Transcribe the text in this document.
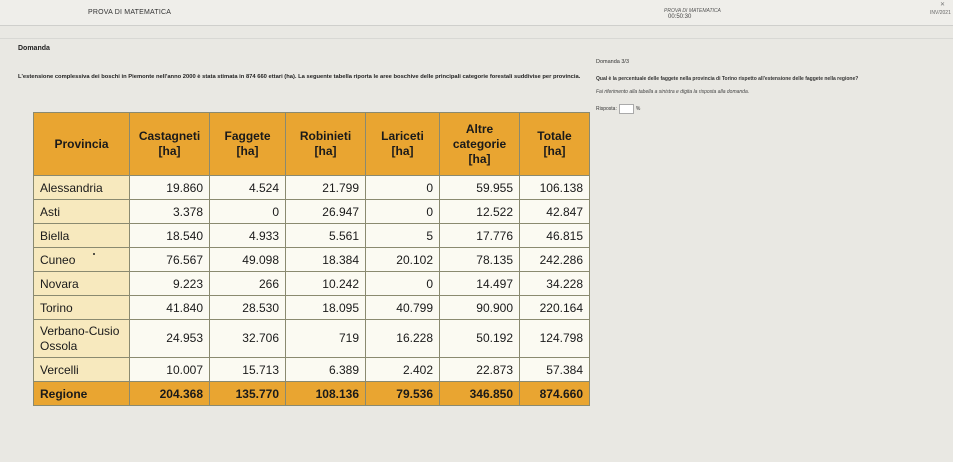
PROVA DI MATEMATICA	PROVA DI MATEMATICA
00:50:30
INV/2021
✕
Domanda
L'estensione complessiva dei boschi in Piemonte nell'anno 2000 è stata stimata in 874 660 ettari (ha). La seguente tabella riporta le aree boschive delle principali categorie forestali suddivise per provincia.
Provincia	Castagneti [ha]	Faggete [ha]	Robinieti [ha]	Lariceti [ha]	Altre categorie [ha]	Totale [ha]
Alessandria	19.860	4.524	21.799	0	59.955	106.138
Asti	3.378	0	26.947	0	12.522	42.847
Biella	18.540	4.933	5.561	5	17.776	46.815
Cuneo	76.567	49.098	18.384	20.102	78.135	242.286
Novara	9.223	266	10.242	0	14.497	34.228
Torino	41.840	28.530	18.095	40.799	90.900	220.164
Verbano-Cusio Ossola	24.953	32.706	719	16.228	50.192	124.798
Vercelli	10.007	15.713	6.389	2.402	22.873	57.384
Regione	204.368	135.770	108.136	79.536	346.850	874.660
Domanda 3/3
Qual è la percentuale delle faggete nella provincia di Torino rispetto all'estensione delle faggete nella regione?
Fai riferimento alla tabella a sinistra e digita la risposta alla domanda.
Risposta:	%
